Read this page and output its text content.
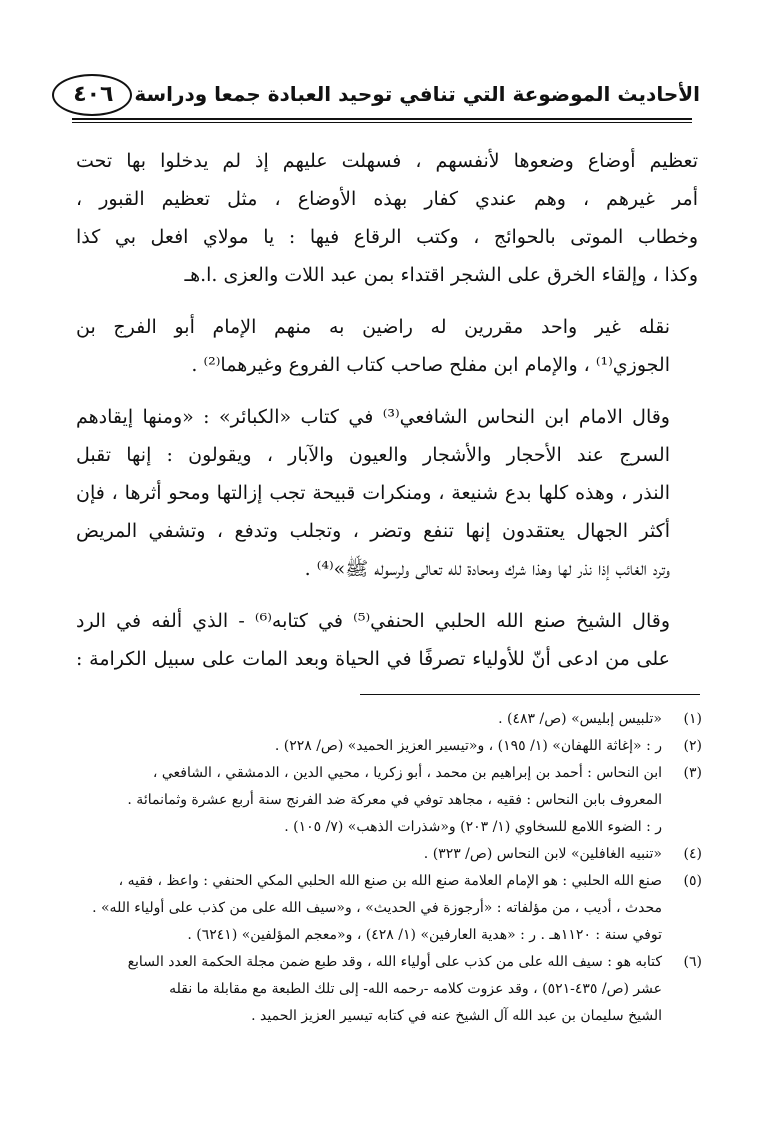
الأحاديث الموضوعة التي تنافي توحيد العبادة جمعا ودراسة
٤٠٦

تعظيم أوضاع وضعوها لأنفسهم ، فسهلت عليهم إذ لم يدخلوا بها تحت
أمر غيرهم ، وهم عندي كفار بهذه الأوضاع ، مثل تعظيم القبور ،
وخطاب الموتى بالحوائج ، وكتب الرقاع فيها : يا مولاي افعل بي كذا
وكذا ، وإلقاء الخرق على الشجر اقتداء بمن عبد اللات والعزى .ا.هـ

نقله غير واحد مقررين له راضين به منهم الإمام أبو الفرج بن
الجوزي⁽¹⁾ ، والإمام ابن مفلح صاحب كتاب الفروع وغيرهما⁽²⁾ .

وقال الامام ابن النحاس الشافعي⁽³⁾ في كتاب «الكبائر» : «ومنها إيقادهم
السرج عند الأحجار والأشجار والعيون والآبار ، ويقولون : إنها تقبل
النذر ، وهذه كلها بدع شنيعة ، ومنكرات قبيحة تجب إزالتها ومحو أثرها ، فإن
أكثر الجهال يعتقدون إنها تنفع وتضر ، وتجلب وتدفع ، وتشفي المريض
وترد الغائب إذا نذر لها وهذا شرك ومحادة لله تعالى ولرسوله ﷺ»⁽⁴⁾ .

وقال الشيخ صنع الله الحلبي الحنفي⁽⁵⁾ في كتابه⁽⁶⁾ - الذي ألفه في الرد
على من ادعى أنّ للأولياء تصرفًا في الحياة وبعد المات على سبيل الكرامة :

(١)
«تلبيس إبليس» (ص/ ٤٨٣) .
(٢)
ر : «إغاثة اللهفان» (١/ ١٩٥) ، و«تيسير العزيز الحميد» (ص/ ٢٢٨) .
(٣)
ابن النحاس : أحمد بن إبراهيم بن محمد ، أبو زكريا ، محيي الدين ، الدمشقي ، الشافعي ،
المعروف بابن النحاس : فقيه ، مجاهد توفي في معركة ضد الفرنج سنة أربع عشرة وثمانمائة .
ر : الضوء اللامع للسخاوي (١/ ٢٠٣) و«شذرات الذهب» (٧/ ١٠٥) .
(٤)
«تنبيه الغافلين» لابن النحاس (ص/ ٣٢٣) .
(٥)
صنع الله الحلبي : هو الإمام العلامة صنع الله بن صنع الله الحلبي المكي الحنفي : واعظ ، فقيه ،
محدث ، أديب ، من مؤلفاته : «أرجوزة في الحديث» ، و«سيف الله على من كذب على أولياء الله» .
توفي سنة : ١١٢٠هـ . ر : «هدية العارفين» (١/ ٤٢٨) ، و«معجم المؤلفين» (٦٢٤١) .
(٦)
كتابه هو : سيف الله على من كذب على أولياء الله ، وقد طبع ضمن مجلة الحكمة العدد السابع
عشر (ص/ ٤٣٥-٥٢١) ، وقد عزوت كلامه -رحمه الله- إلى تلك الطبعة مع مقابلة ما نقله
الشيخ سليمان بن عبد الله آل الشيخ عنه في كتابه تيسير العزيز الحميد .
